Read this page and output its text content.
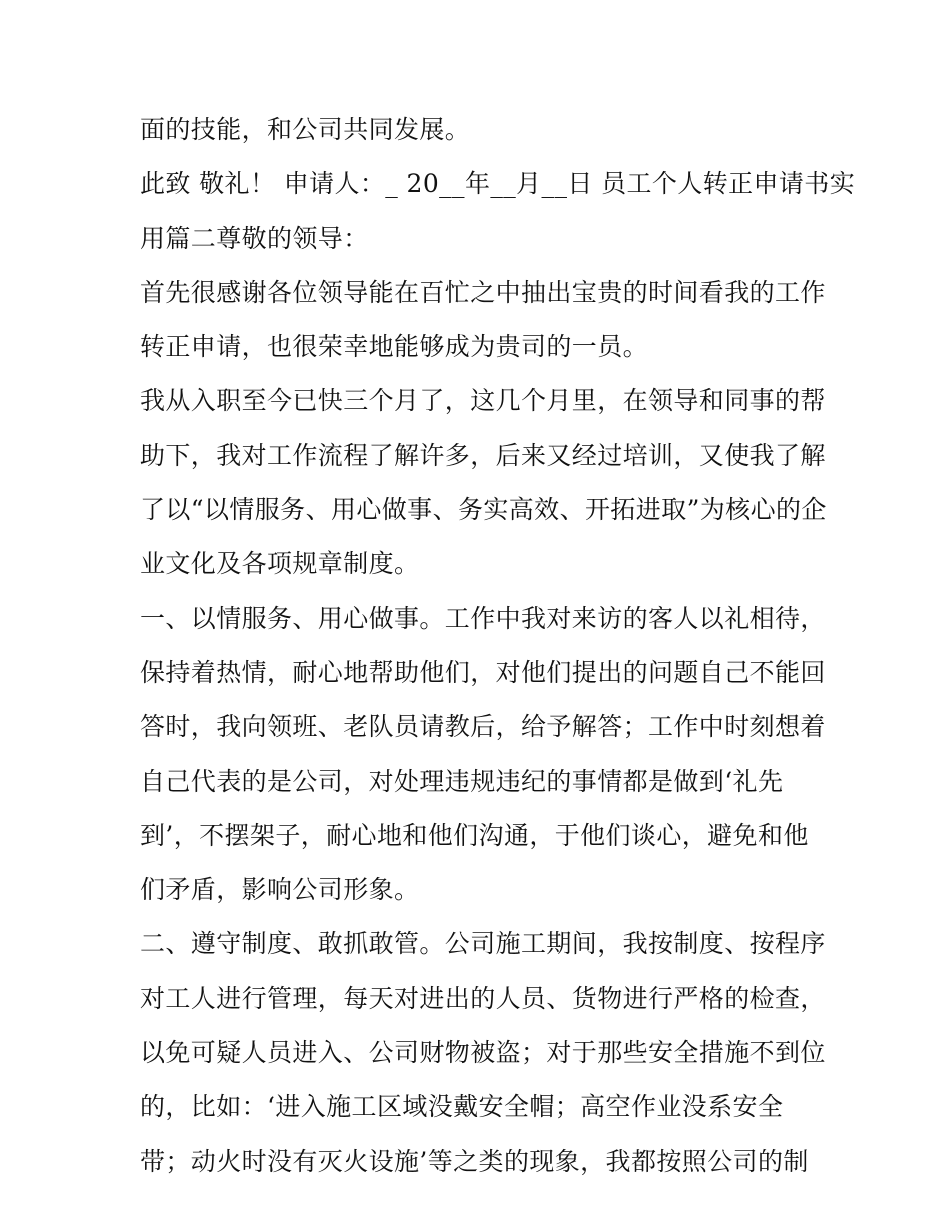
面的技能，和公司共同发展。
此致 敬礼！ 申请人：_ 20__年__月__日 员工个人转正申请书实
用篇二尊敬的领导：
首先很感谢各位领导能在百忙之中抽出宝贵的时间看我的工作
转正申请，也很荣幸地能够成为贵司的一员。
我从入职至今已快三个月了，这几个月里，在领导和同事的帮
助下，我对工作流程了解许多，后来又经过培训，又使我了解
了以“以情服务、用心做事、务实高效、开拓进取”为核心的企
业文化及各项规章制度。
一、以情服务、用心做事。工作中我对来访的客人以礼相待，
保持着热情，耐心地帮助他们，对他们提出的问题自己不能回
答时，我向领班、老队员请教后，给予解答；工作中时刻想着
自己代表的是公司，对处理违规违纪的事情都是做到‘礼先
到’，不摆架子，耐心地和他们沟通，于他们谈心，避免和他
们矛盾，影响公司形象。
二、遵守制度、敢抓敢管。公司施工期间，我按制度、按程序
对工人进行管理，每天对进出的人员、货物进行严格的检查，
以免可疑人员进入、公司财物被盗；对于那些安全措施不到位
的，比如：‘进入施工区域没戴安全帽；高空作业没系安全
带；动火时没有灭火设施’等之类的现象，我都按照公司的制
